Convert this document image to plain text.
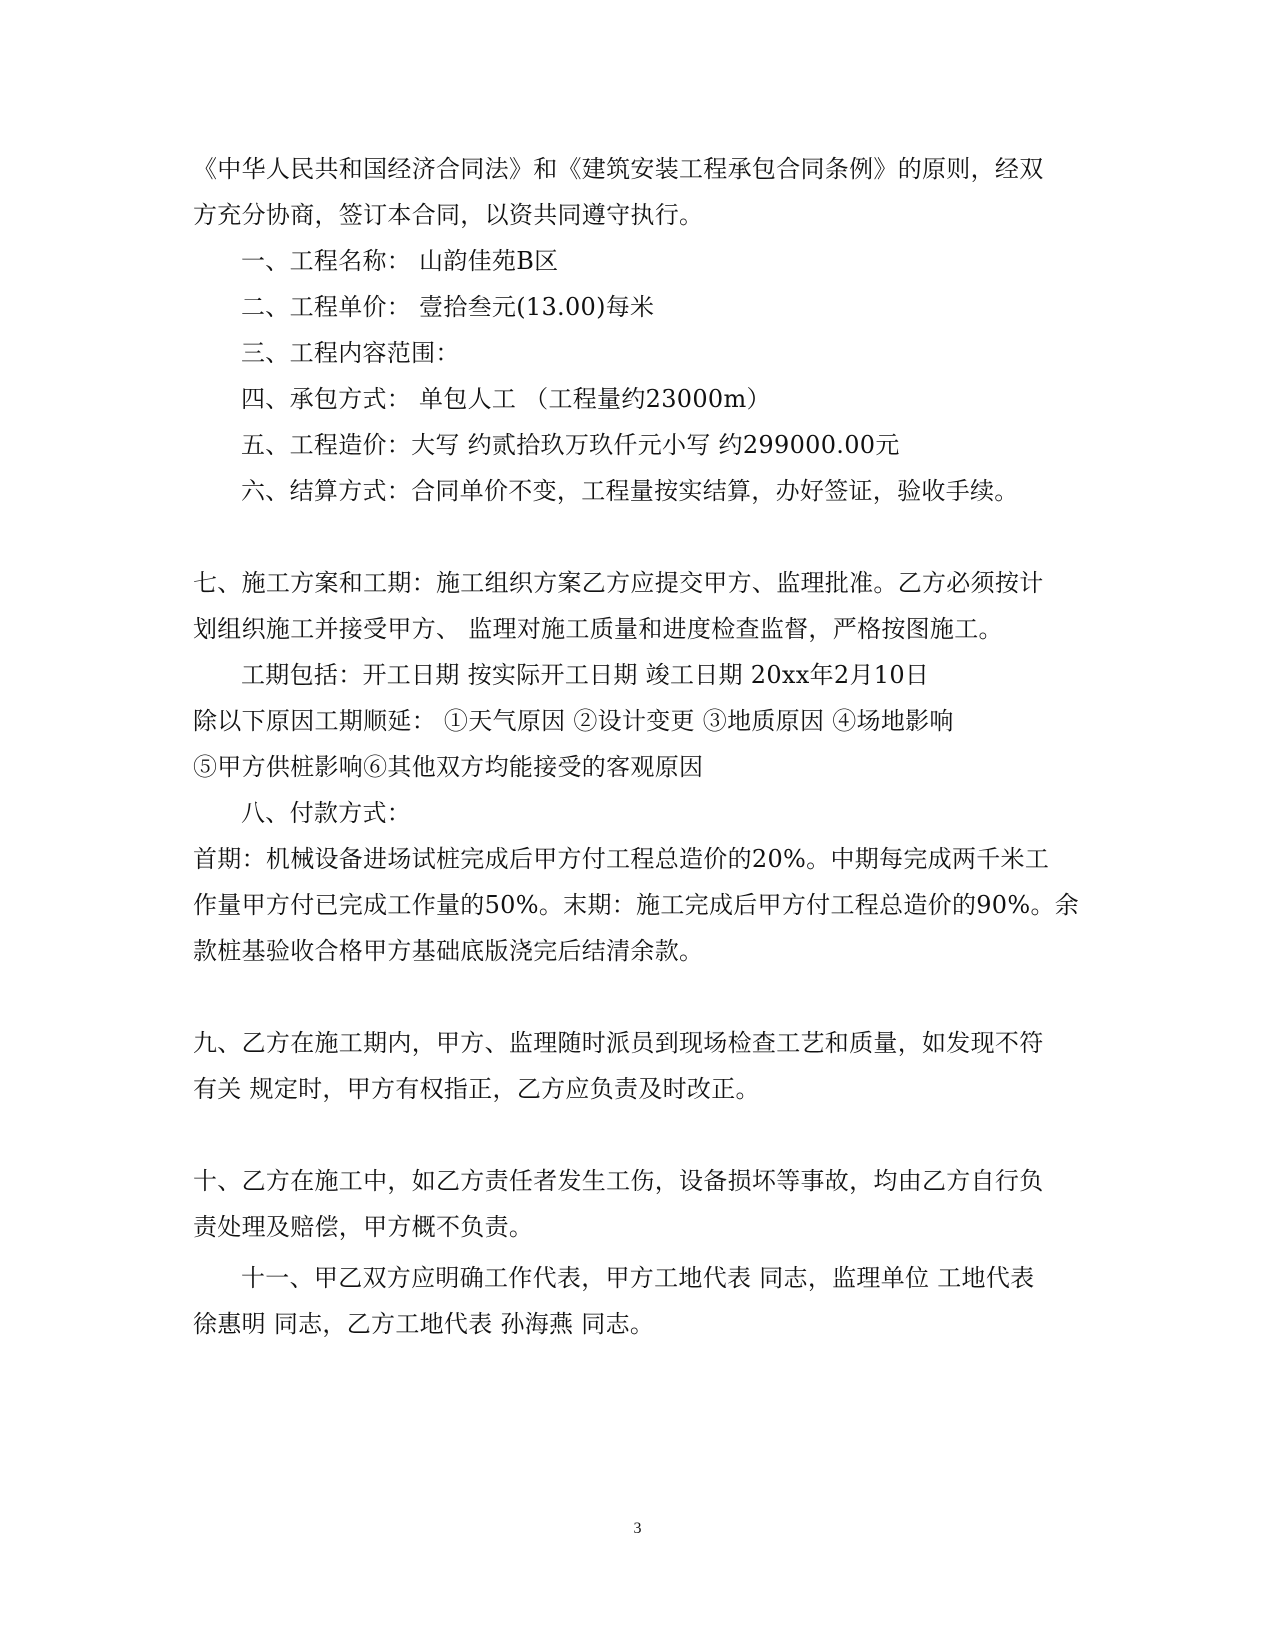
《中华人民共和国经济合同法》和《建筑安装工程承包合同条例》的原则，经双
方充分协商，签订本合同，以资共同遵守执行。
一、工程名称： 山韵佳苑B区
二、工程单价： 壹拾叁元(13.00)每米
三、工程内容范围：
四、承包方式： 单包人工 （工程量约23000m）
五、工程造价：大写 约贰拾玖万玖仟元小写 约299000.00元
六、结算方式：合同单价不变，工程量按实结算，办好签证，验收手续。
七、施工方案和工期：施工组织方案乙方应提交甲方、监理批准。乙方必须按计
划组织施工并接受甲方、 监理对施工质量和进度检查监督，严格按图施工。
工期包括：开工日期 按实际开工日期 竣工日期 20xx年2月10日
除以下原因工期顺延： ①天气原因 ②设计变更 ③地质原因 ④场地影响
⑤甲方供桩影响⑥其他双方均能接受的客观原因
八、付款方式：
首期：机械设备进场试桩完成后甲方付工程总造价的20%。中期每完成两千米工
作量甲方付已完成工作量的50%。末期：施工完成后甲方付工程总造价的90%。余
款桩基验收合格甲方基础底版浇完后结清余款。
九、乙方在施工期内，甲方、监理随时派员到现场检查工艺和质量，如发现不符
有关 规定时，甲方有权指正，乙方应负责及时改正。
十、乙方在施工中，如乙方责任者发生工伤，设备损坏等事故，均由乙方自行负
责处理及赔偿，甲方概不负责。
十一、甲乙双方应明确工作代表，甲方工地代表 同志，监理单位 工地代表
徐惠明 同志，乙方工地代表 孙海燕 同志。
3
